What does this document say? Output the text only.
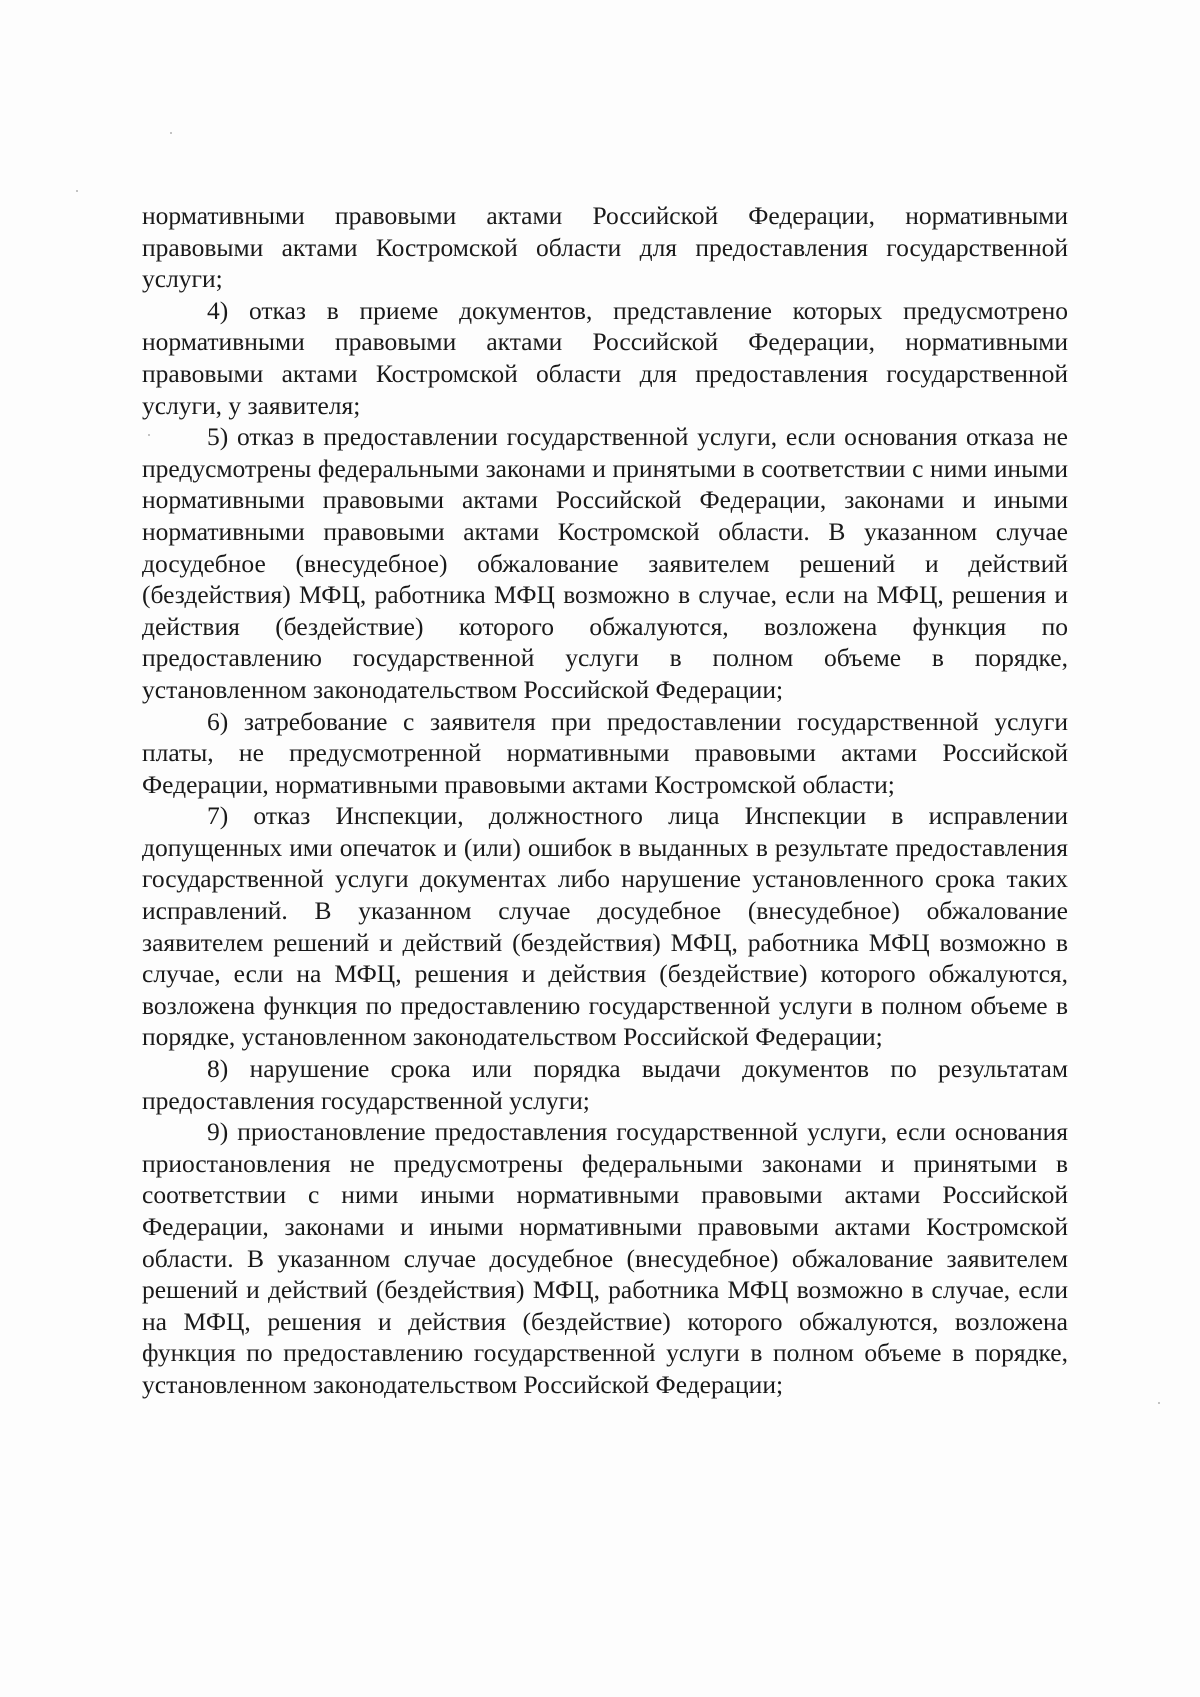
нормативными правовыми актами Российской Федерации, нормативными правовыми актами Костромской области для предоставления государственной услуги;

4) отказ в приеме документов, представление которых предусмотрено нормативными правовыми актами Российской Федерации, нормативными правовыми актами Костромской области для предоставления государственной услуги, у заявителя;

5) отказ в предоставлении государственной услуги, если основания отказа не предусмотрены федеральными законами и принятыми в соответствии с ними иными нормативными правовыми актами Российской Федерации, законами и иными нормативными правовыми актами Костромской области. В указанном случае досудебное (внесудебное) обжалование заявителем решений и действий (бездействия) МФЦ, работника МФЦ возможно в случае, если на МФЦ, решения и действия (бездействие) которого обжалуются, возложена функция по предоставлению государственной услуги в полном объеме в порядке, установленном законодательством Российской Федерации;

6) затребование с заявителя при предоставлении государственной услуги платы, не предусмотренной нормативными правовыми актами Российской Федерации, нормативными правовыми актами Костромской области;

7) отказ Инспекции, должностного лица Инспекции в исправлении допущенных ими опечаток и (или) ошибок в выданных в результате предоставления государственной услуги документах либо нарушение установленного срока таких исправлений. В указанном случае досудебное (внесудебное) обжалование заявителем решений и действий (бездействия) МФЦ, работника МФЦ возможно в случае, если на МФЦ, решения и действия (бездействие) которого обжалуются, возложена функция по предоставлению государственной услуги в полном объеме в порядке, установленном законодательством Российской Федерации;

8) нарушение срока или порядка выдачи документов по результатам предоставления государственной услуги;

9) приостановление предоставления государственной услуги, если основания приостановления не предусмотрены федеральными законами и принятыми в соответствии с ними иными нормативными правовыми актами Российской Федерации, законами и иными нормативными правовыми актами Костромской области. В указанном случае досудебное (внесудебное) обжалование заявителем решений и действий (бездействия) МФЦ, работника МФЦ возможно в случае, если на МФЦ, решения и действия (бездействие) которого обжалуются, возложена функция по предоставлению государственной услуги в полном объеме в порядке, установленном законодательством Российской Федерации;
